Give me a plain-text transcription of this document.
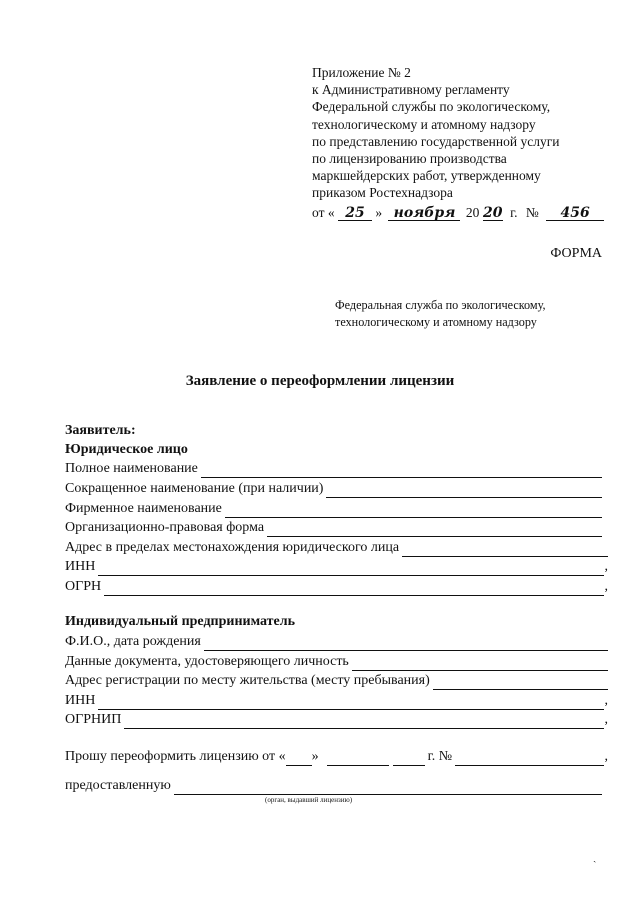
Приложение № 2
к Административному регламенту
Федеральной службы по экологическому,
технологическому и атомному надзору
по представлению государственной услуги
по лицензированию производства
маркшейдерских работ, утвержденному
приказом Ростехнадзора
от « 25 » ноября 20 20 г. № 456
ФОРМА
Федеральная служба по экологическому,
технологическому и атомному надзору
Заявление о переоформлении лицензии
Заявитель:
Юридическое лицо
Полное наименование
Сокращенное наименование (при наличии)
Фирменное наименование
Организационно-правовая форма
Адрес в пределах местонахождения юридического лица
ИНН	,
ОГРН	,
Индивидуальный предприниматель
Ф.И.О., дата рождения
Данные документа, удостоверяющего личность
Адрес регистрации по месту жительства (месту пребывания)
ИНН	,
ОГРНИП	,
Прошу переоформить лицензию от « »	г. №	,
предоставленную
(орган, выдавший лицензию)
ˎ
